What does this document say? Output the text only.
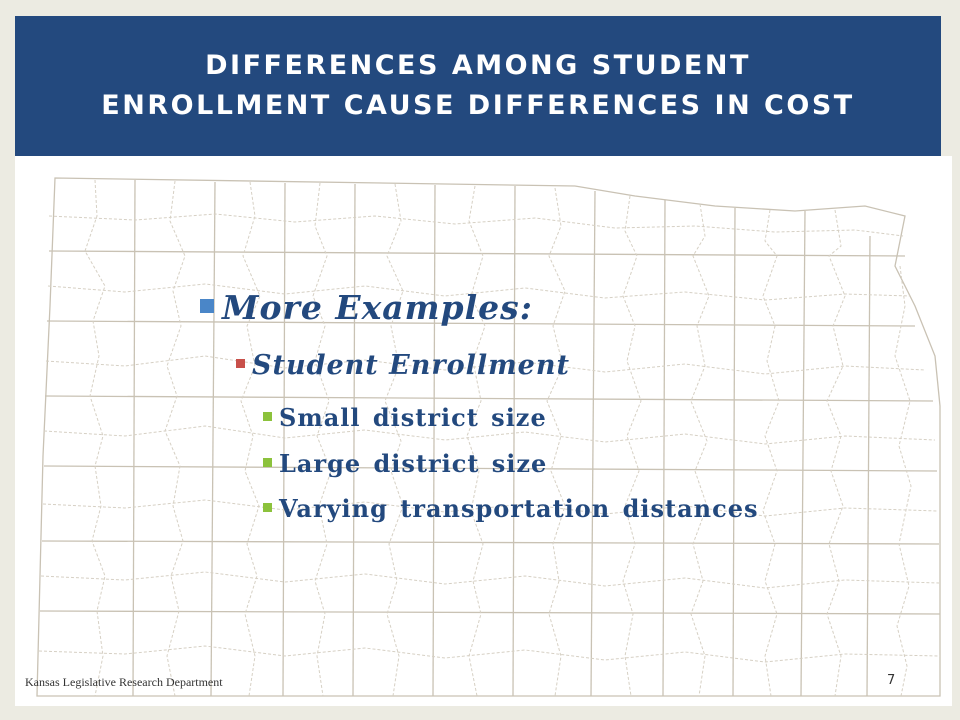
DIFFERENCES AMONG STUDENT
ENROLLMENT CAUSE DIFFERENCES IN COST
More Examples:
Student Enrollment
Small district size
Large district size
Varying transportation distances
Kansas Legislative Research Department	7
